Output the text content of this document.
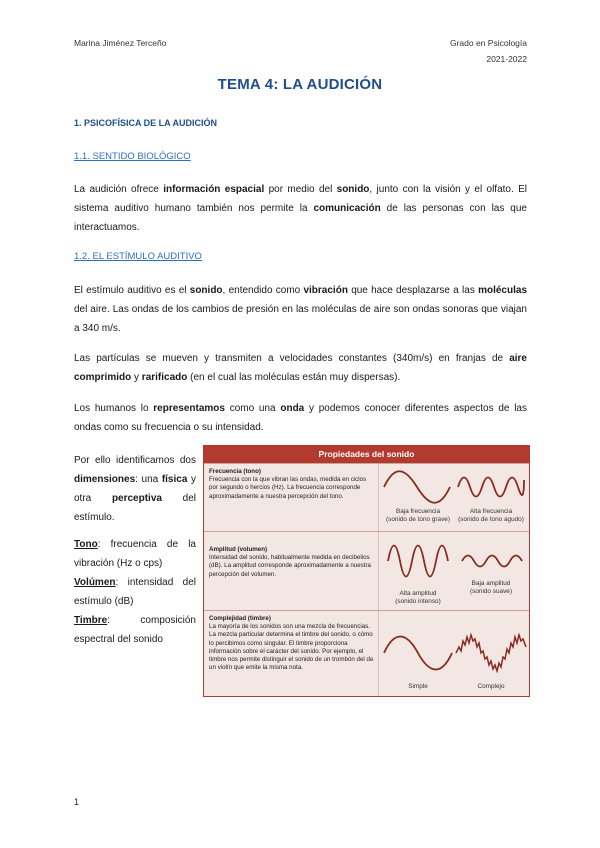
Marina Jiménez Terceño	Grado en Psicología
2021-2022
TEMA 4: LA AUDICIÓN
1. PSICOFÍSICA DE LA AUDICIÓN
1.1. SENTIDO BIOLÓGICO
La audición ofrece información espacial por medio del sonido, junto con la visión y el olfato. El sistema auditivo humano también nos permite la comunicación de las personas con las que interactuamos.
1.2. EL ESTÍMULO AUDITIVO
El estímulo auditivo es el sonido, entendido como vibración que hace desplazarse a las moléculas del aire. Las ondas de los cambios de presión en las moléculas de aire son ondas sonoras que viajan a 340 m/s.
Las partículas se mueven y transmiten a velocidades constantes (340m/s) en franjas de aire comprimido y rarificado (en el cual las moléculas están muy dispersas).
Los humanos lo representamos como una onda y podemos conocer diferentes aspectos de las ondas como su frecuencia o su intensidad.
Por ello identificamos dos dimensiones: una física y otra perceptiva del estímulo.
Tono: frecuencia de la vibración (Hz o cps)
Volúmen: intensidad del estímulo (dB)
Timbre: composición espectral del sonido
Propiedades del sonido
Frecuencia (tono)
Frecuencia con la que vibran las ondas, medida en ciclos por segundo o hercios (Hz). La frecuencia corresponde aproximadamente a nuestra percepción del tono.
Baja frecuencia
(sonido de tono grave)
Alta frecuencia
(sonido de tono agudo)
Amplitud (volumen)
Intensidad del sonido, habitualmente medida en decibelios (dB). La amplitud corresponde aproximadamente a nuestra percepción del volumen.
Alta amplitud
(sonido intenso)
Baja amplitud
(sonido suave)
Complejidad (timbre)
La mayoría de los sonidos son una mezcla de frecuencias. La mezcla particular determina el timbre del sonido, o cómo lo percibimos como singular. El timbre proporciona información sobre el carácter del sonido. Por ejemplo, el timbre nos permite distinguir el sonido de un trombón del de un violín que emite la misma nota.
Simple	Complejo
1
